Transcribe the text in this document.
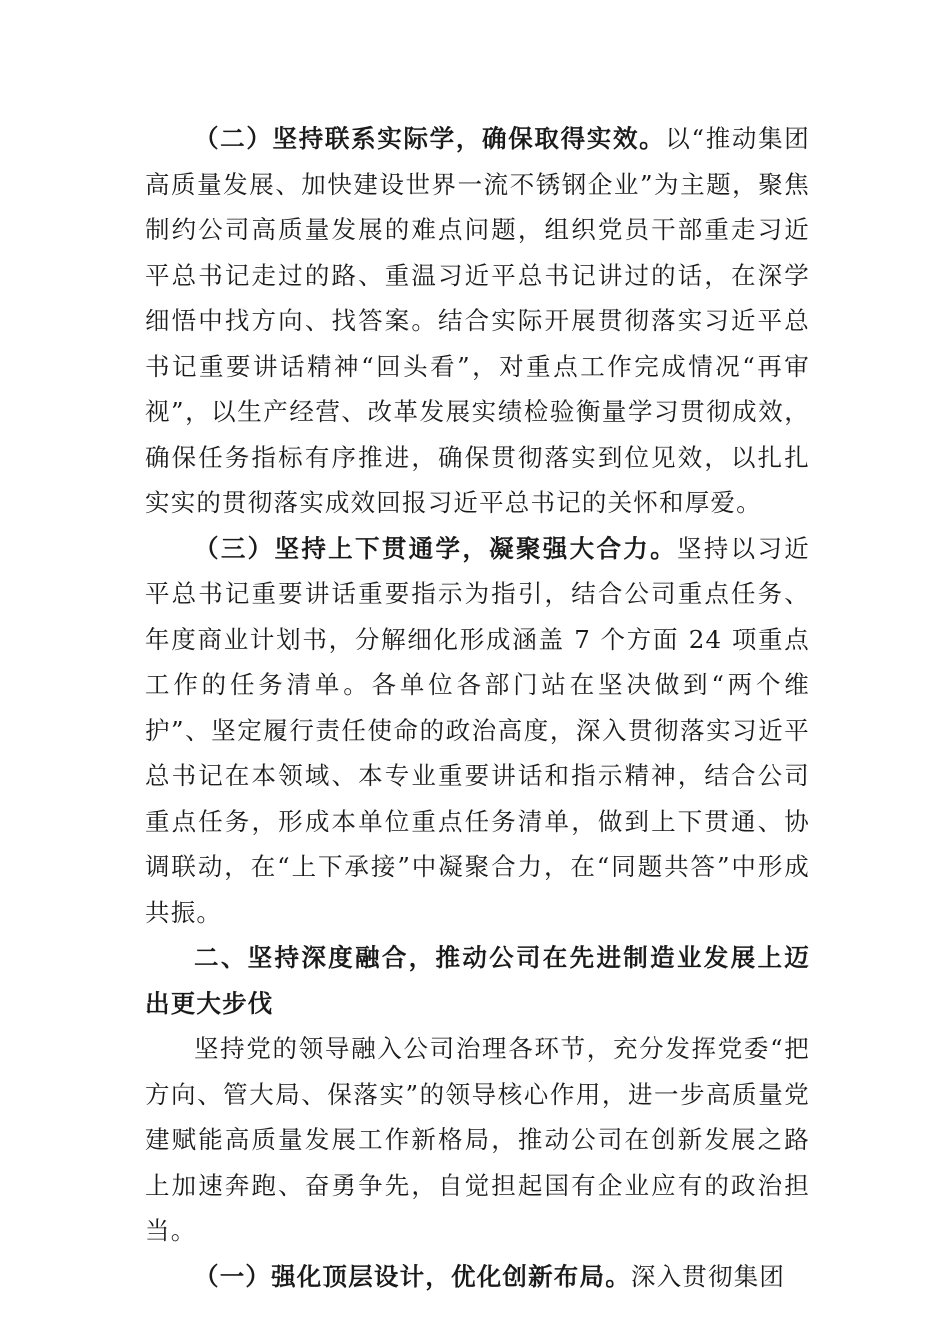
（二）坚持联系实际学，确保取得实效。以“推动集团高质量发展、加快建设世界一流不锈钢企业”为主题，聚焦制约公司高质量发展的难点问题，组织党员干部重走习近平总书记走过的路、重温习近平总书记讲过的话，在深学细悟中找方向、找答案。结合实际开展贯彻落实习近平总书记重要讲话精神“回头看”，对重点工作完成情况“再审视”，以生产经营、改革发展实绩检验衡量学习贯彻成效，确保任务指标有序推进，确保贯彻落实到位见效，以扎扎实实的贯彻落实成效回报习近平总书记的关怀和厚爱。

（三）坚持上下贯通学，凝聚强大合力。坚持以习近平总书记重要讲话重要指示为指引，结合公司重点任务、年度商业计划书，分解细化形成涵盖 7 个方面 24 项重点工作的任务清单。各单位各部门站在坚决做到“两个维护”、坚定履行责任使命的政治高度，深入贯彻落实习近平总书记在本领域、本专业重要讲话和指示精神，结合公司重点任务，形成本单位重点任务清单，做到上下贯通、协调联动，在“上下承接”中凝聚合力，在“同题共答”中形成共振。

二、坚持深度融合，推动公司在先进制造业发展上迈出更大步伐

坚持党的领导融入公司治理各环节，充分发挥党委“把方向、管大局、保落实”的领导核心作用，进一步高质量党建赋能高质量发展工作新格局，推动公司在创新发展之路上加速奔跑、奋勇争先，自觉担起国有企业应有的政治担当。

（一）强化顶层设计，优化创新布局。深入贯彻集团
